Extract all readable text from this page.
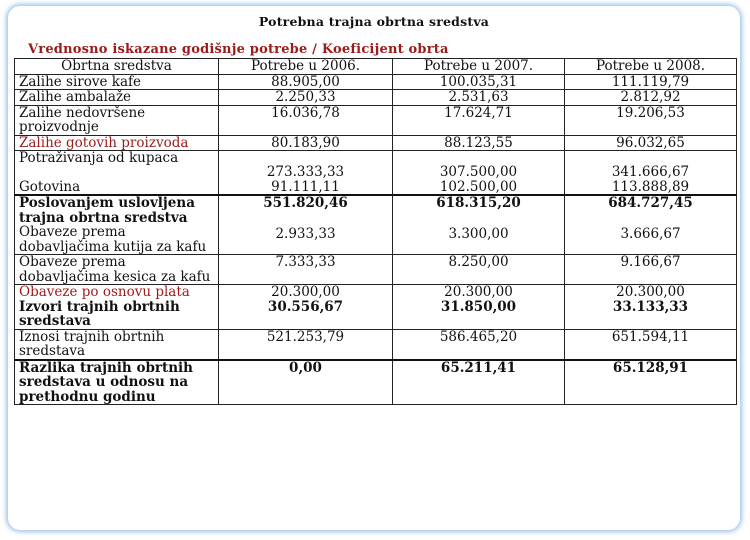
Potrebna trajna obrtna sredstva
Vrednosno iskazane godišnje potrebe / Koeficijent obrta
Obrtna sredstva	Potrebe u 2006.	Potrebe u 2007.	Potrebe u 2008.
Zalihe sirove kafe	88.905,00	100.035,31	111.119,79
Zalihe ambalaže	2.250,33	2.531,63	2.812,92
Zalihe nedovršene proizvodnje	16.036,78	17.624,71	19.206,53
Zalihe gotovih proizvoda	80.183,90	88.123,55	96.032,65
Potraživanja od kupaca	273.333,33	307.500,00	341.666,67
Gotovina	91.111,11	102.500,00	113.888,89
Poslovanjem uslovljena trajna obrtna sredstva	551.820,46	618.315,20	684.727,45
Obaveze prema dobavljačima kutija za kafu	2.933,33	3.300,00	3.666,67
Obaveze prema dobavljačima kesica za kafu	7.333,33	8.250,00	9.166,67
Obaveze po osnovu plata	20.300,00	20.300,00	20.300,00
Izvori trajnih obrtnih sredstava	30.556,67	31.850,00	33.133,33
Iznosi trajnih obrtnih sredstava	521.253,79	586.465,20	651.594,11
Razlika trajnih obrtnih sredstava u odnosu na prethodnu godinu	0,00	65.211,41	65.128,91
